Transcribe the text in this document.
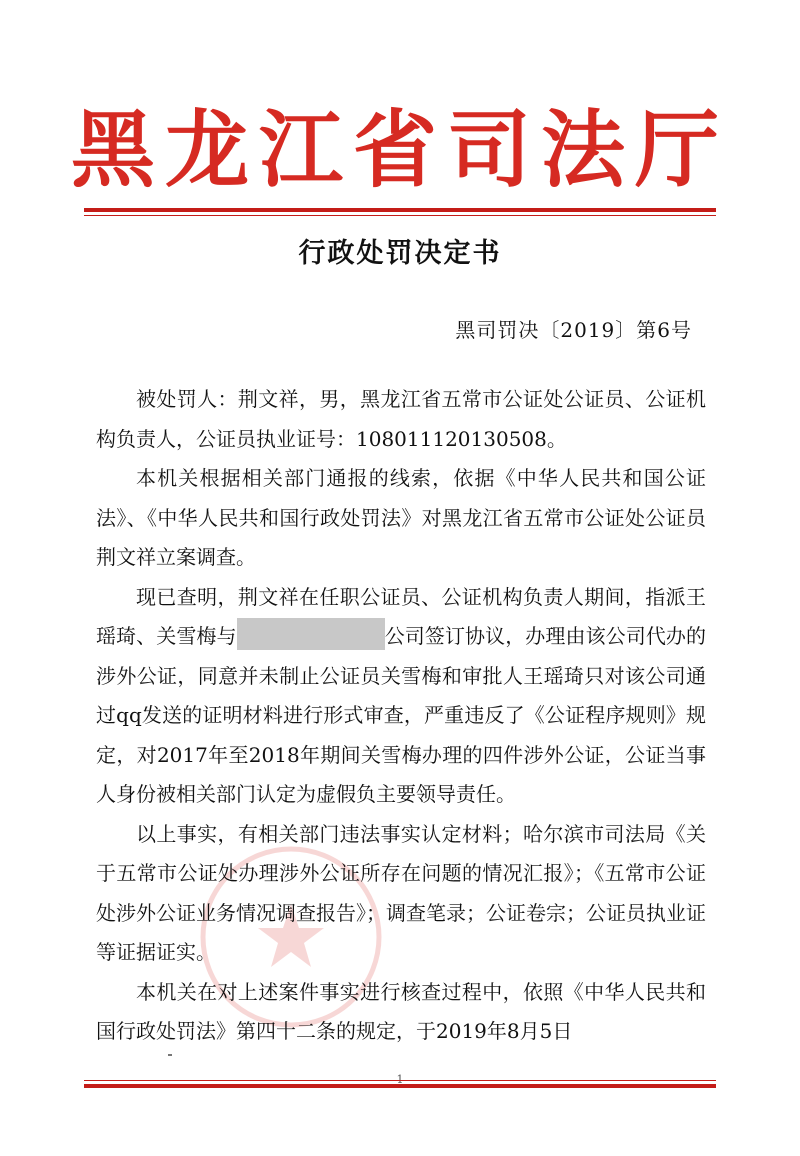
黑龙江省司法厅
行政处罚决定书
黑司罚决〔2019〕第6号

被处罚人：荆文祥，男，黑龙江省五常市公证处公证员、公证机构负责人，公证员执业证号：108011120130508。

本机关根据相关部门通报的线索，依据《中华人民共和国公证法》、《中华人民共和国行政处罚法》对黑龙江省五常市公证处公证员荆文祥立案调查。

现已查明，荆文祥在任职公证员、公证机构负责人期间，指派王瑶琦、关雪梅与	公司签订协议，办理由该公司代办的涉外公证，同意并未制止公证员关雪梅和审批人王瑶琦只对该公司通过qq发送的证明材料进行形式审查，严重违反了《公证程序规则》规定，对2017年至2018年期间关雪梅办理的四件涉外公证，公证当事人身份被相关部门认定为虚假负主要领导责任。

以上事实，有相关部门违法事实认定材料；哈尔滨市司法局《关于五常市公证处办理涉外公证所存在问题的情况汇报》；《五常市公证处涉外公证业务情况调查报告》；调查笔录；公证卷宗；公证员执业证等证据证实。

本机关在对上述案件事实进行核查过程中，依照《中华人民共和国行政处罚法》第四十二条的规定，于2019年8月5日
